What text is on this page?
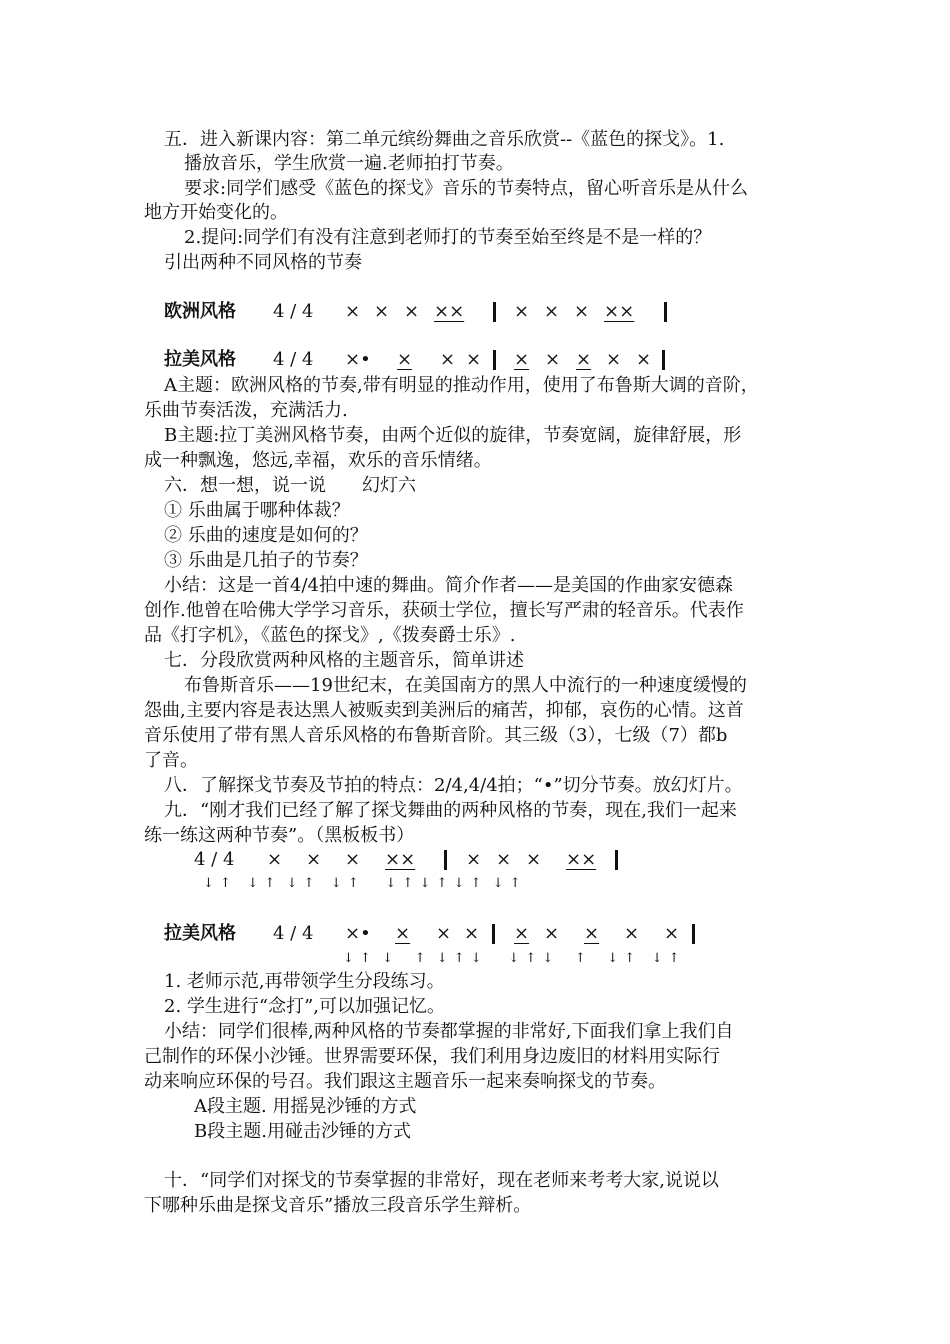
五．进入新课内容：第二单元缤纷舞曲之音乐欣赏--《蓝色的探戈》。1.
播放音乐，学生欣赏一遍.老师拍打节奏。
要求:同学们感受《蓝色的探戈》音乐的节奏特点，留心听音乐是从什么
地方开始变化的。
2.提问:同学们有没有注意到老师打的节奏至始至终是不是一样的？
引出两种不同风格的节奏
欧洲风格 4 / 4 × × × ××	× × × ××
拉美风格 4 / 4 ×• × × × × × × × ×
A主题：欧洲风格的节奏,带有明显的推动作用，使用了布鲁斯大调的音阶，
乐曲节奏活泼，充满活力.
B主题:拉丁美洲风格节奏，由两个近似的旋律，节奏宽阔，旋律舒展，形
成一种飘逸，悠远,幸福，欢乐的音乐情绪。
六．想一想，说一说　　幻灯六
① 乐曲属于哪种体裁？
② 乐曲的速度是如何的？
③ 乐曲是几拍子的节奏？
小结：这是一首4/4拍中速的舞曲。简介作者——是美国的作曲家安德森
创作.他曾在哈佛大学学习音乐，获硕士学位，擅长写严肃的轻音乐。代表作
品《打字机》，《蓝色的探戈》,《拨奏爵士乐》.
七．分段欣赏两种风格的主题音乐，简单讲述
布鲁斯音乐——19世纪末，在美国南方的黑人中流行的一种速度缓慢的
怨曲,主要内容是表达黑人被贩卖到美洲后的痛苦，抑郁，哀伤的心情。这首
音乐使用了带有黑人音乐风格的布鲁斯音阶。其三级（3），七级（7）都b
了音。
八．了解探戈节奏及节拍的特点：2/4,4/4拍；“•”切分节奏。放幻灯片。
九．“刚才我们已经了解了探戈舞曲的两种风格的节奏，现在,我们一起来
练一练这两种节奏”。（黑板板书）
4 / 4 × × × ××	× × × ××
↓ ↑   ↓ ↑  ↓ ↑   ↓ ↑     ↓ ↑ ↓ ↑ ↓ ↑  ↓ ↑
拉美风格 4 / 4 ×• × × × × × × × ×
↓ ↑  ↓    ↑  ↓ ↑ ↓     ↓ ↑ ↓    ↑    ↓ ↑   ↓ ↑
1. 老师示范,再带领学生分段练习。
2. 学生进行“念打”,可以加强记忆。
小结：同学们很棒,两种风格的节奏都掌握的非常好,下面我们拿上我们自
己制作的环保小沙锤。世界需要环保，我们利用身边废旧的材料用实际行
动来响应环保的号召。我们跟这主题音乐一起来奏响探戈的节奏。
A段主题. 用摇晃沙锤的方式
B段主题.用碰击沙锤的方式
十．“同学们对探戈的节奏掌握的非常好，现在老师来考考大家,说说以
下哪种乐曲是探戈音乐”播放三段音乐学生辩析。
